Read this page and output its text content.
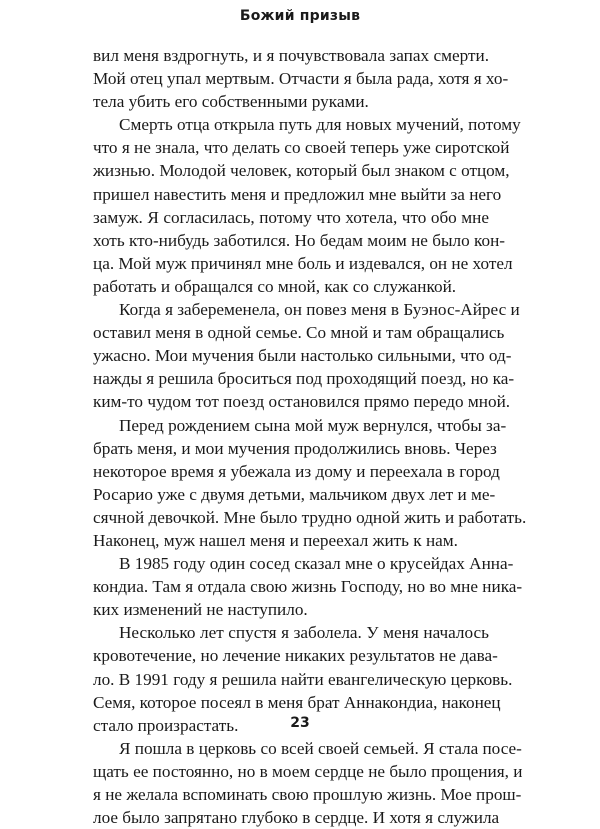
Божий призыв
вил меня вздрогнуть, и я почувствовала запах смерти.
Мой отец упал мертвым. Отчасти я была рада, хотя я хо-
тела убить его собственными руками.
Смерть отца открыла путь для новых мучений, потому
что я не знала, что делать со своей теперь уже сиротской
жизнью. Молодой человек, который был знаком с отцом,
пришел навестить меня и предложил мне выйти за него
замуж. Я согласилась, потому что хотела, что обо мне
хоть кто-нибудь заботился. Но бедам моим не было кон-
ца. Мой муж причинял мне боль и издевался, он не хотел
работать и обращался со мной, как со служанкой.
Когда я забеременела, он повез меня в Буэнос-Айрес и
оставил меня в одной семье. Со мной и там обращались
ужасно. Мои мучения были настолько сильными, что од-
нажды я решила броситься под проходящий поезд, но ка-
ким-то чудом тот поезд остановился прямо передо мной.
Перед рождением сына мой муж вернулся, чтобы за-
брать меня, и мои мучения продолжились вновь. Через
некоторое время я убежала из дому и переехала в город
Росарио уже с двумя детьми, мальчиком двух лет и ме-
сячной девочкой. Мне было трудно одной жить и работать.
Наконец, муж нашел меня и переехал жить к нам.
В 1985 году один сосед сказал мне о крусейдах Анна-
кондиа. Там я отдала свою жизнь Господу, но во мне ника-
ких изменений не наступило.
Несколько лет спустя я заболела. У меня началось
кровотечение, но лечение никаких результатов не дава-
ло. В 1991 году я решила найти евангелическую церковь.
Семя, которое посеял в меня брат Аннакондиа, наконец
стало произрастать.
Я пошла в церковь со всей своей семьей. Я стала посе-
щать ее постоянно, но в моем сердце не было прощения, и
я не желала вспоминать свою прошлую жизнь. Мое прош-
лое было запрятано глубоко в сердце. И хотя я служила
23
